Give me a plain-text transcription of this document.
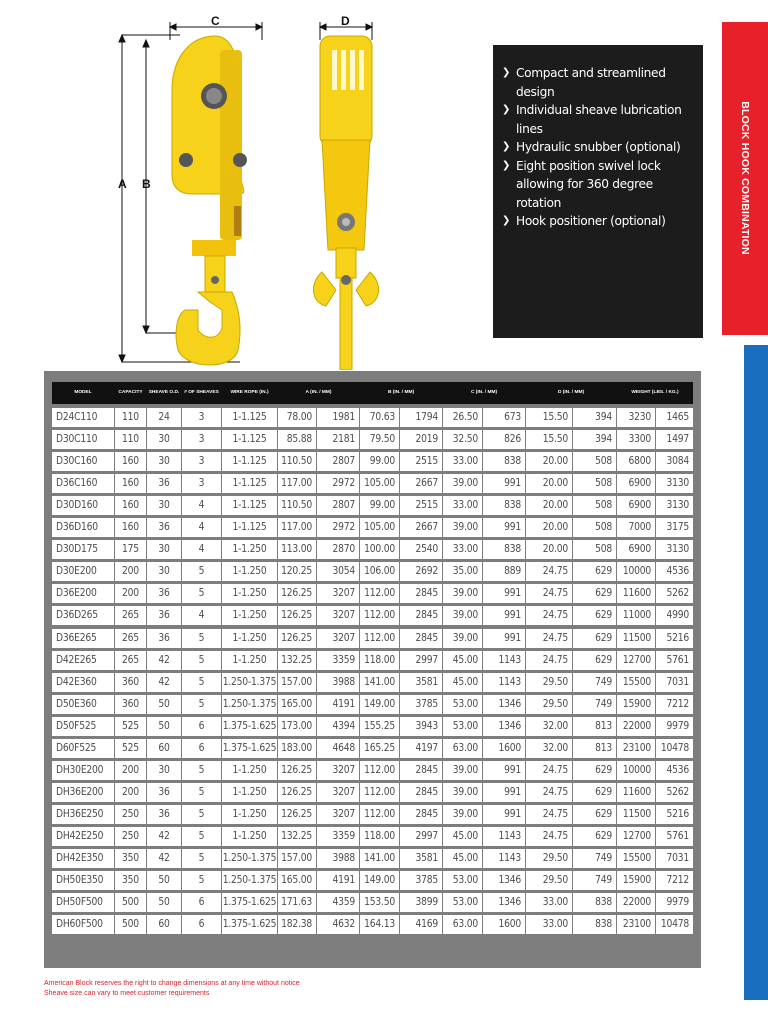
C	D
A B
❯ Compact and streamlined
design
❯ Individual sheave lubrication
lines
❯ Hydraulic snubber (optional)
❯ Eight position swivel lock
allowing for 360 degree
rotation
❯ Hook positioner (optional)	BLOCK HOOK COMBINATION
MODEL	CAPACITY	SHEAVE O.D.	# OF SHEAVES	WIRE ROPE (IN.)	A (IN. / MM)	B (IN. / MM)	C (IN. / MM)	D (IN. / MM)	WEIGHT (LBS. / KG.)
D24C110	110	24	3	1-1.125	78.00	1981	70.63	1794	26.50	673	15.50	394	3230	1465
D30C110	110	30	3	1-1.125	85.88	2181	79.50	2019	32.50	826	15.50	394	3300	1497
D30C160	160	30	3	1-1.125	110.50	2807	99.00	2515	33.00	838	20.00	508	6800	3084
D36C160	160	36	3	1-1.125	117.00	2972 105.00	2667	39.00	991	20.00	508	6900	3130
D30D160	160	30	4	1-1.125	110.50	2807	99.00	2515	33.00	838	20.00	508	6900	3130
D36D160	160	36	4	1-1.125	117.00	2972 105.00	2667	39.00	991	20.00	508	7000	3175
D30D175	175	30	4	1-1.250	113.00	2870 100.00	2540	33.00	838	20.00	508	6900	3130
D30E200	200	30	5	1-1.250	120.25	3054 106.00	2692	35.00	889	24.75	629	10000	4536
D36E200	200	36	5	1-1.250	126.25	3207 112.00	2845	39.00	991	24.75	629	11600	5262
D36D265	265	36	4	1-1.250	126.25	3207 112.00	2845	39.00	991	24.75	629	11000	4990
D36E265	265	36	5	1-1.250	126.25	3207 112.00	2845	39.00	991	24.75	629	11500	5216
D42E265	265	42	5	1-1.250	132.25	3359 118.00	2997	45.00	1143	24.75	629	12700	5761
D42E360	360	42	5	1.250-1.375 157.00	3988 141.00	3581	45.00	1143	29.50	749	15500	7031
D50E360	360	50	5	1.250-1.375 165.00	4191 149.00	3785	53.00	1346	29.50	749	15900	7212
D50F525	525	50	6	1.375-1.625 173.00	4394 155.25	3943	53.00	1346	32.00	813	22000	9979
D60F525	525	60	6	1.375-1.625 183.00	4648 165.25	4197	63.00	1600	32.00	813	23100 10478
DH30E200	200	30	5	1-1.250	126.25	3207 112.00	2845	39.00	991	24.75	629	10000	4536
DH36E200	200	36	5	1-1.250	126.25	3207 112.00	2845	39.00	991	24.75	629	11600	5262
DH36E250	250	36	5	1-1.250	126.25	3207 112.00	2845	39.00	991	24.75	629	11500	5216
DH42E250	250	42	5	1-1.250	132.25	3359 118.00	2997	45.00	1143	24.75	629	12700	5761
DH42E350	350	42	5	1.250-1.375 157.00	3988 141.00	3581	45.00	1143	29.50	749	15500	7031
DH50E350	350	50	5	1.250-1.375 165.00	4191 149.00	3785	53.00	1346	29.50	749	15900	7212
DH50F500	500	50	6	1.375-1.625 171.63	4359 153.50	3899	53.00	1346	33.00	838	22000	9979
DH60F500	500	60	6	1.375-1.625 182.38	4632 164.13	4169	63.00	1600	33.00	838	23100 10478
American Block reserves the right to change dimensions at any time without notice
Sheave size can vary to meet customer requirements
